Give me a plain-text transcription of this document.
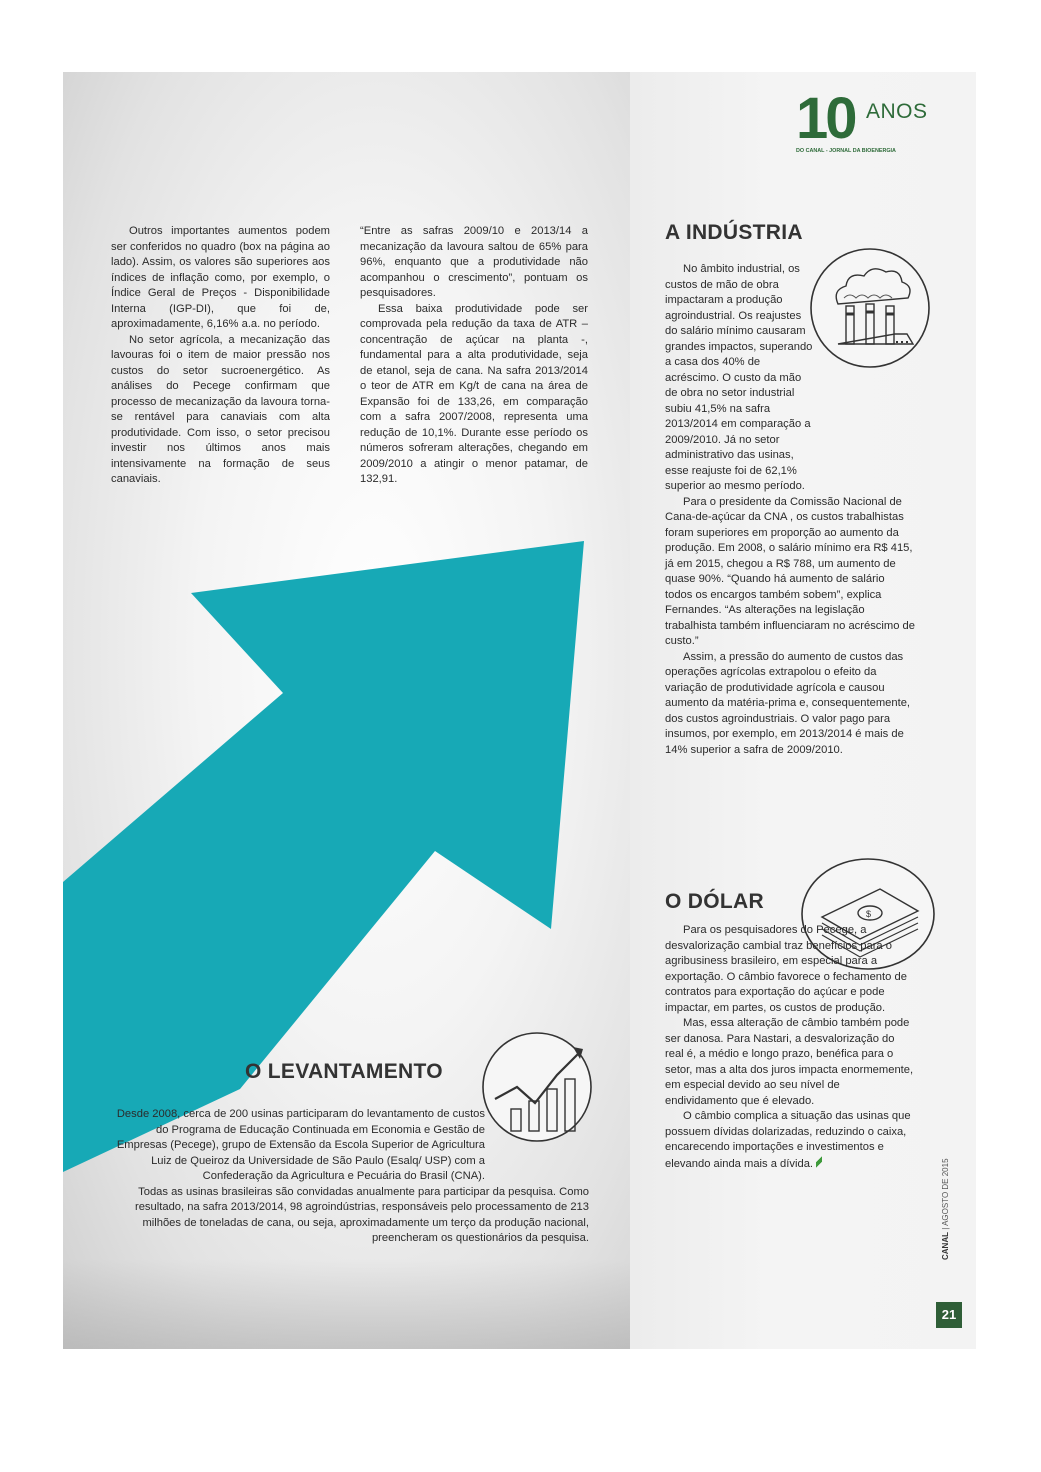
10 ANOS
DO CANAL - JORNAL DA BIOENERGIA

Outros importantes aumentos podem ser conferidos no quadro (box na página ao lado). Assim, os valores são superiores aos índices de inflação como, por exemplo, o Índice Geral de Preços - Disponibilidade Interna (IGP-DI), que foi de, aproximadamente, 6,16% a.a. no período.

No setor agrícola, a mecanização das lavouras foi o item de maior pressão nos custos do setor sucroenergético. As análises do Pecege confirmam que processo de mecanização da lavoura torna-se rentável para canaviais com alta produtividade. Com isso, o setor precisou investir nos últimos anos mais intensivamente na formação de seus canaviais.

“Entre as safras 2009/10 e 2013/14 a mecanização da lavoura saltou de 65% para 96%, enquanto que a produtividade não acompanhou o crescimento”, pontuam os pesquisadores.

Essa baixa produtividade pode ser comprovada pela redução da taxa de ATR – concentração de açúcar na planta -, fundamental para a alta produtividade, seja de etanol, seja de cana. Na safra 2013/2014 o teor de ATR em Kg/t de cana na área de Expansão foi de 133,26, em comparação com a safra 2007/2008, representa uma redução de 10,1%. Durante esse período os números sofreram alterações, chegando em 2009/2010 a atingir o menor patamar, de 132,91.

A INDÚSTRIA

No âmbito industrial, os custos de mão de obra impactaram a produção agroindustrial. Os reajustes do salário mínimo causaram grandes impactos, superando a casa dos 40% de acréscimo. O custo da mão de obra no setor industrial subiu 41,5% na safra 2013/2014 em comparação a 2009/2010. Já no setor administrativo das usinas, esse reajuste foi de 62,1% superior ao mesmo período.

Para o presidente da Comissão Nacional de Cana-de-açúcar da CNA , os custos trabalhistas foram superiores em proporção ao aumento da produção. Em 2008, o salário mínimo era R$ 415, já em 2015, chegou a R$ 788, um aumento de quase 90%. “Quando há aumento de salário todos os encargos também sobem”, explica Fernandes. “As alterações na legislação trabalhista também influenciaram no acréscimo de custo.”

Assim, a pressão do aumento de custos das operações agrícolas extrapolou o efeito da variação de produtividade agrícola e causou aumento da matéria-prima e, consequentemente, dos custos agroindustriais. O valor pago para insumos, por exemplo, em 2013/2014 é mais de 14% superior a safra de 2009/2010.

O DÓLAR
$

Para os pesquisadores do Pecege, a desvalorização cambial traz benefícios para o agribusiness brasileiro, em especial para a exportação. O câmbio favorece o fechamento de contratos para exportação do açúcar e pode impactar, em partes, os custos de produção.

Mas, essa alteração de câmbio também pode ser danosa. Para Nastari, a desvalorização do real é, a médio e longo prazo, benéfica para o setor, mas a alta dos juros impacta enormemente, em especial devido ao seu nível de endividamento que é elevado.

O câmbio complica a situação das usinas que possuem dívidas dolarizadas, reduzindo o caixa, encarecendo importações e investimentos e elevando ainda mais a dívida.

O LEVANTAMENTO

Desde 2008, cerca de 200 usinas participaram do levantamento de custos do Programa de Educação Continuada em Economia e Gestão de Empresas (Pecege), grupo de Extensão da Escola Superior de Agricultura Luiz de Queiroz da Universidade de São Paulo (Esalq/ USP) com a Confederação da Agricultura e Pecuária do Brasil (CNA).

Todas as usinas brasileiras são convidadas anualmente para participar da pesquisa. Como resultado, na safra 2013/2014, 98 agroindústrias, responsáveis pelo processamento de 213 milhões de toneladas de cana, ou seja, aproximadamente um terço da produção nacional, preencheram os questionários da pesquisa.	CANAL | AGOSTO DE 2015
21
